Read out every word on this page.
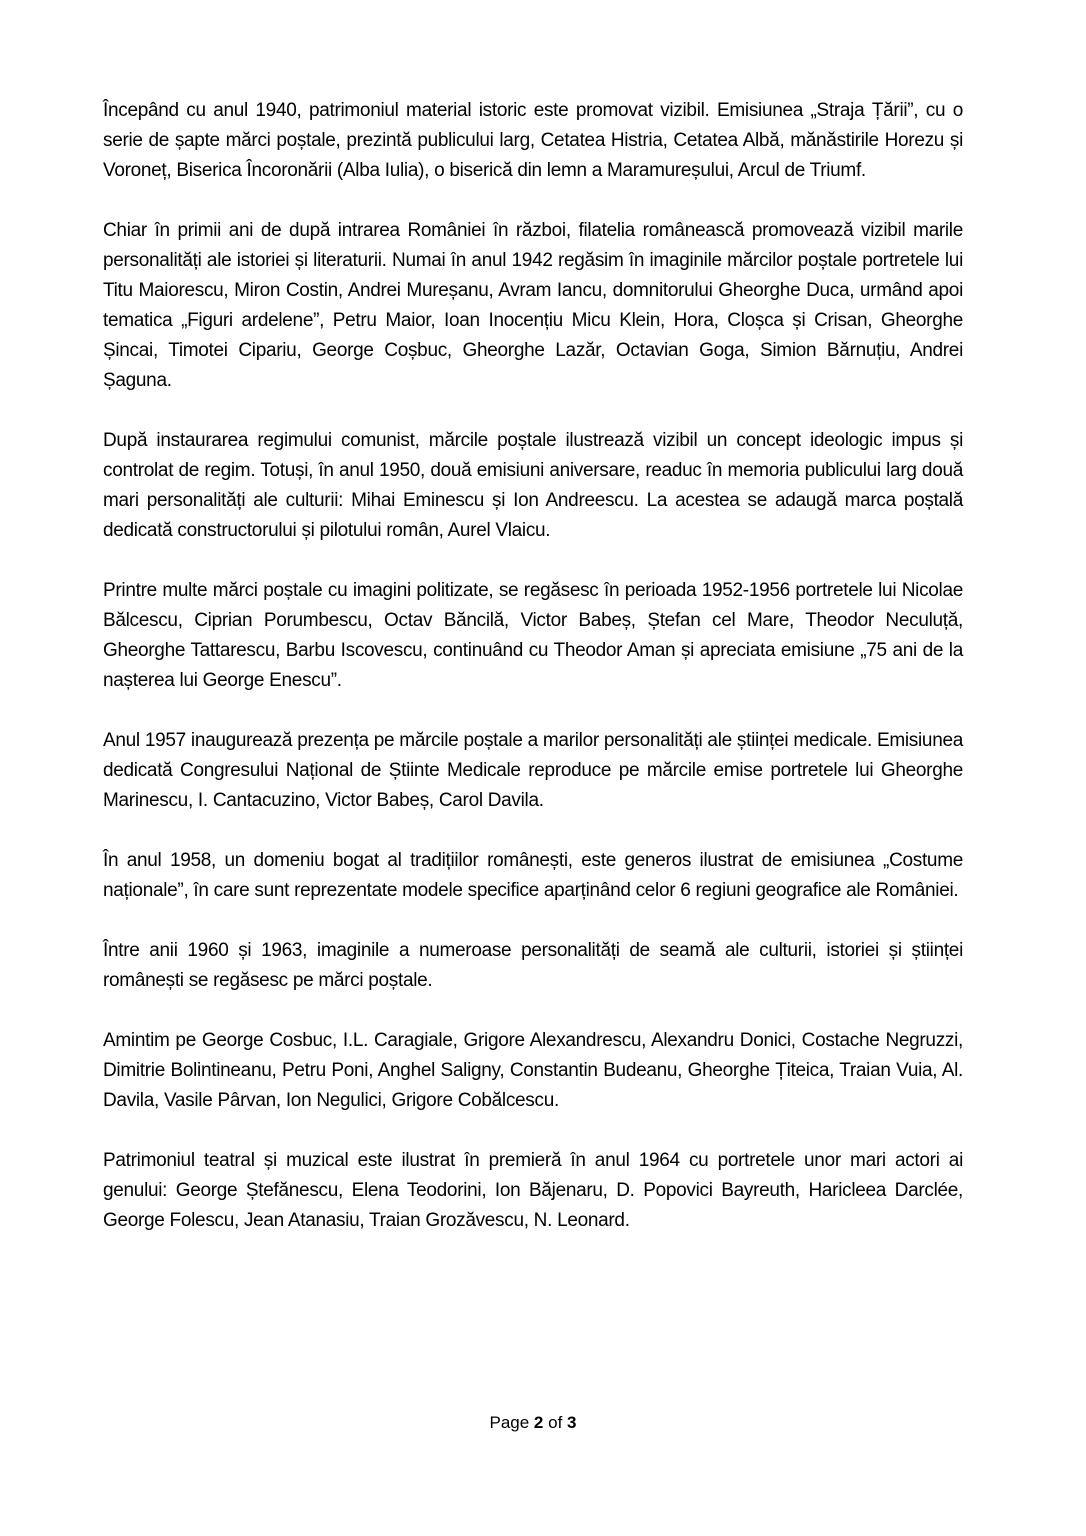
Începând cu anul 1940, patrimoniul material istoric este promovat vizibil. Emisiunea „Straja Țării”, cu o serie de șapte mărci poștale, prezintă publicului larg, Cetatea Histria, Cetatea Albă, mănăstirile Horezu și Voroneț, Biserica Încoronării (Alba Iulia), o biserică din lemn a Maramureșului, Arcul de Triumf.

Chiar în primii ani de după intrarea României în război, filatelia românească promovează vizibil marile personalități ale istoriei și literaturii. Numai în anul 1942 regăsim în imaginile mărcilor poștale portretele lui Titu Maiorescu, Miron Costin, Andrei Mureșanu, Avram Iancu, domnitorului Gheorghe Duca, urmând apoi tematica „Figuri ardelene”, Petru Maior, Ioan Inocențiu Micu Klein, Hora, Cloșca și Crisan, Gheorghe Șincai, Timotei Cipariu, George Coșbuc, Gheorghe Lazăr, Octavian Goga, Simion Bărnuțiu, Andrei Șaguna.

După instaurarea regimului comunist, mărcile poștale ilustrează vizibil un concept ideologic impus și controlat de regim. Totuși, în anul 1950, două emisiuni aniversare, readuc în memoria publicului larg două mari personalități ale culturii: Mihai Eminescu și Ion Andreescu. La acestea se adaugă marca poștală dedicată constructorului și pilotului român, Aurel Vlaicu.

Printre multe mărci poștale cu imagini politizate, se regăsesc în perioada 1952-1956 portretele lui Nicolae Bălcescu, Ciprian Porumbescu, Octav Băncilă, Victor Babeș, Ștefan cel Mare, Theodor Neculuță, Gheorghe Tattarescu, Barbu Iscovescu, continuând cu Theodor Aman și apreciata emisiune „75 ani de la nașterea lui George Enescu”.

Anul 1957 inaugurează prezența pe mărcile poștale a marilor personalități ale științei medicale. Emisiunea dedicată Congresului Național de Știinte Medicale reproduce pe mărcile emise portretele lui Gheorghe Marinescu, I. Cantacuzino, Victor Babeș, Carol Davila.

În anul 1958, un domeniu bogat al tradițiilor românești, este generos ilustrat de emisiunea „Costume naționale”, în care sunt reprezentate modele specifice aparținând celor 6 regiuni geografice ale României.

Între anii 1960 și 1963, imaginile a numeroase personalități de seamă ale culturii, istoriei și științei românești se regăsesc pe mărci poștale.

Amintim pe George Cosbuc, I.L. Caragiale, Grigore Alexandrescu, Alexandru Donici, Costache Negruzzi, Dimitrie Bolintineanu, Petru Poni, Anghel Saligny, Constantin Budeanu, Gheorghe Țiteica, Traian Vuia, Al. Davila, Vasile Pârvan, Ion Negulici, Grigore Cobălcescu.

Patrimoniul teatral și muzical este ilustrat în premieră în anul 1964 cu portretele unor mari actori ai genului: George Ștefănescu, Elena Teodorini, Ion Băjenaru, D. Popovici Bayreuth, Haricleea Darclée, George Folescu, Jean Atanasiu, Traian Grozăvescu, N. Leonard.

Page 2 of 3
